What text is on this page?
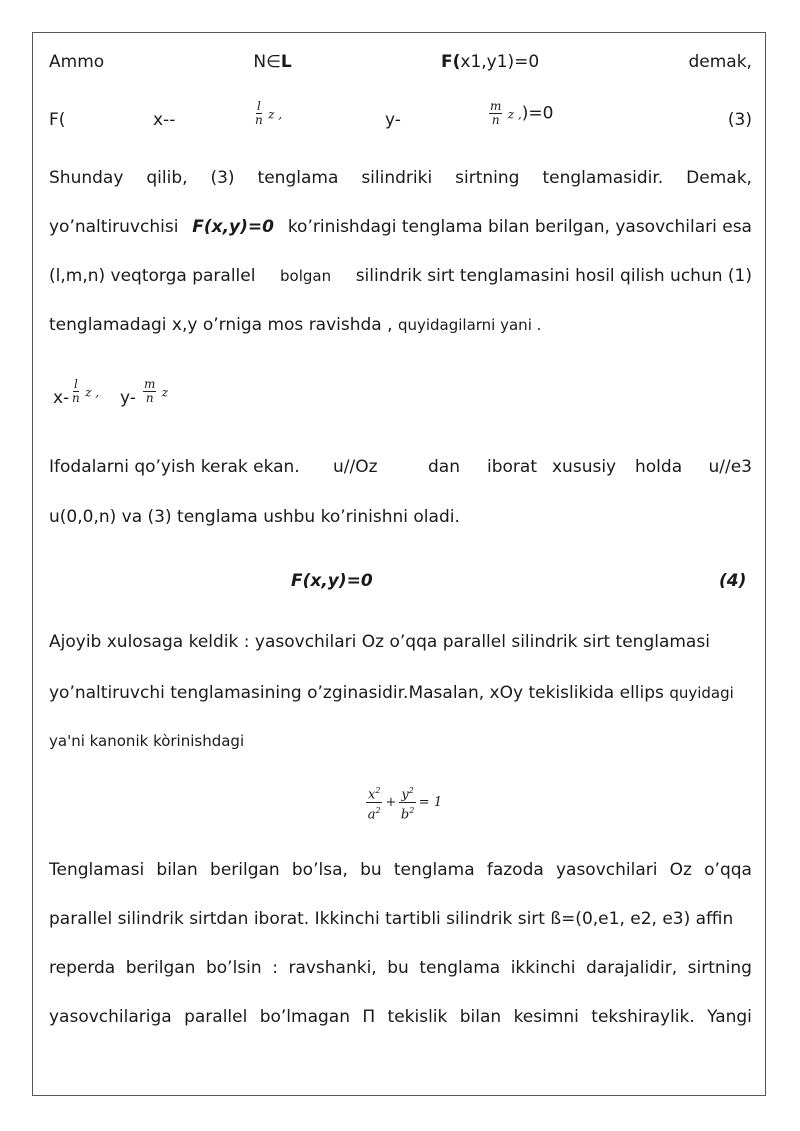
Ammo	N∈L	F(x1,y1)=0	demak,
F(	x--	$\frac{l}{n}$ z ,	y-	$\frac{m}{n}$ z ,)=0	(3)
Shunday qilib, (3) tenglama silindriki sirtning tenglamasidir. Demak,
yo’naltiruvchisi F(x,y)=0 ko’rinishdagi tenglama bilan berilgan, yasovchilari esa
(l,m,n) veqtorga parallel bolgan silindrik sirt tenglamasini hosil qilish uchun (1)
tenglamadagi x,y o’rniga mos ravishda , quyidagilarni yani .
$x- \frac{l}{n}$ z , $y- \frac{m}{n}$ z
Ifodalarni qo’yish kerak ekan. u//Oz	dan iborat xususiy holda u//e3
u(0,0,n) va (3) tenglama ushbu ko’rinishni oladi.
F(x,y)=0	(4)
Ajoyib xulosaga keldik : yasovchilari Oz o’qqa parallel silindrik sirt tenglamasi
yo’naltiruvchi tenglamasining o’zginasidir.Masalan, xOy tekislikida ellips quyidagi
ya'ni kanonik kòrinishdagi
$x^2$
$a^2$
+ $\frac{y^2}{b^2} = 1$
Tenglamasi bilan berilgan bo’lsa, bu tenglama fazoda yasovchilari Oz o’qqa
parallel silindrik sirtdan iborat. Ikkinchi tartibli silindrik sirt ß=(0,e1, e2, e3) affin
reperda berilgan bo’lsin : ravshanki, bu tenglama ikkinchi darajalidir, sirtning
yasovchilariga parallel bo’lmagan Π tekislik bilan kesimni tekshiraylik. Yangi
